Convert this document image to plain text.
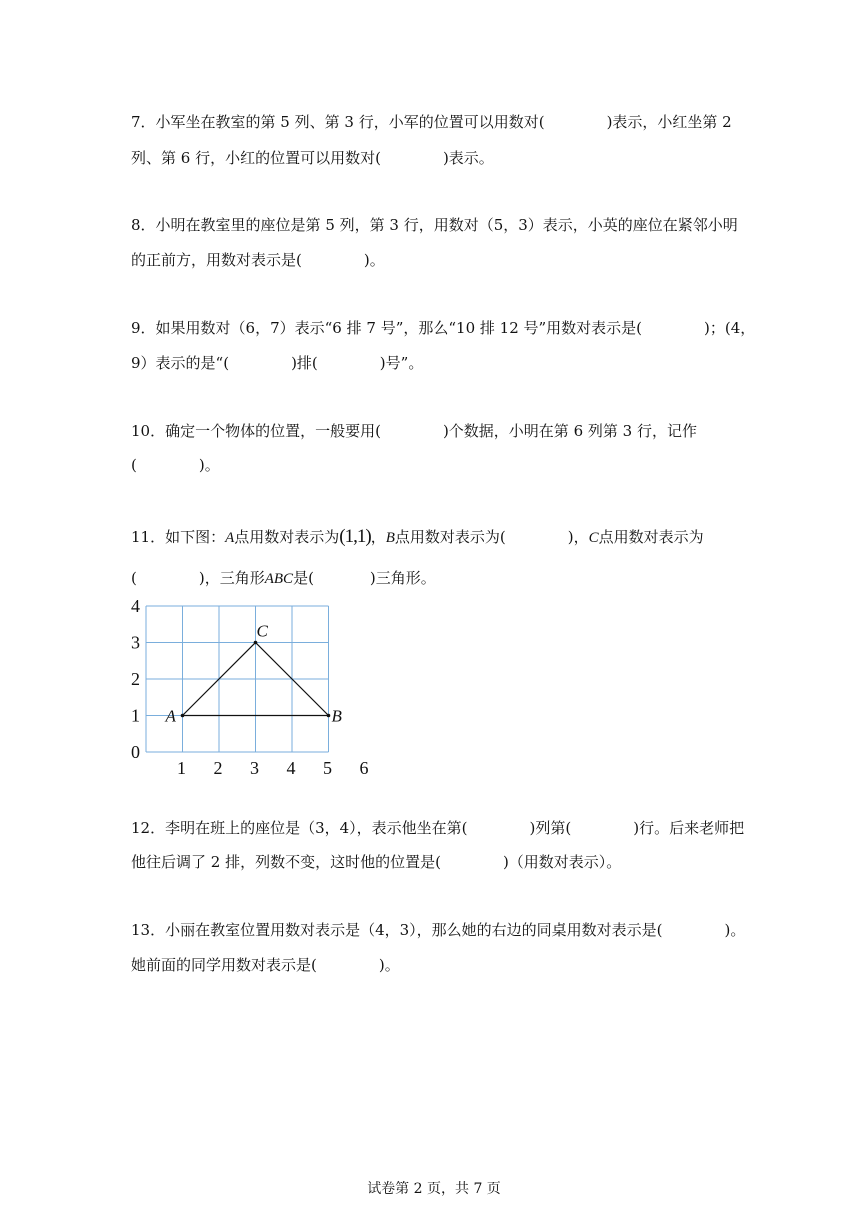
7．小军坐在教室的第 5 列、第 3 行，小军的位置可以用数对(	)表示，小红坐第 2
列、第 6 行，小红的位置可以用数对(	)表示。
8．小明在教室里的座位是第 5 列，第 3 行，用数对（5，3）表示，小英的座位在紧邻小明
的正前方，用数对表示是(	)。
9．如果用数对（6，7）表示“6 排 7 号”，那么“10 排 12 号”用数对表示是(	)；(4，
9）表示的是“(	)排(	)号”。
10．确定一个物体的位置，一般要用(	)个数据，小明在第 6 列第 3 行，记作
(	)。
11．如下图：A点用数对表示为(1,1)，B点用数对表示为(	)，C点用数对表示为
(	)，三角形ABC是(	)三角形。
1 2 3 4 5 6
0
1
2
3
4
A	B
C
12．李明在班上的座位是（3，4），表示他坐在第(	)列第(	)行。后来老师把
他往后调了 2 排，列数不变，这时他的位置是(	)（用数对表示）。
13．小丽在教室位置用数对表示是（4，3），那么她的右边的同桌用数对表示是(	)。
她前面的同学用数对表示是(	)。
试卷第 2 页，共 7 页
